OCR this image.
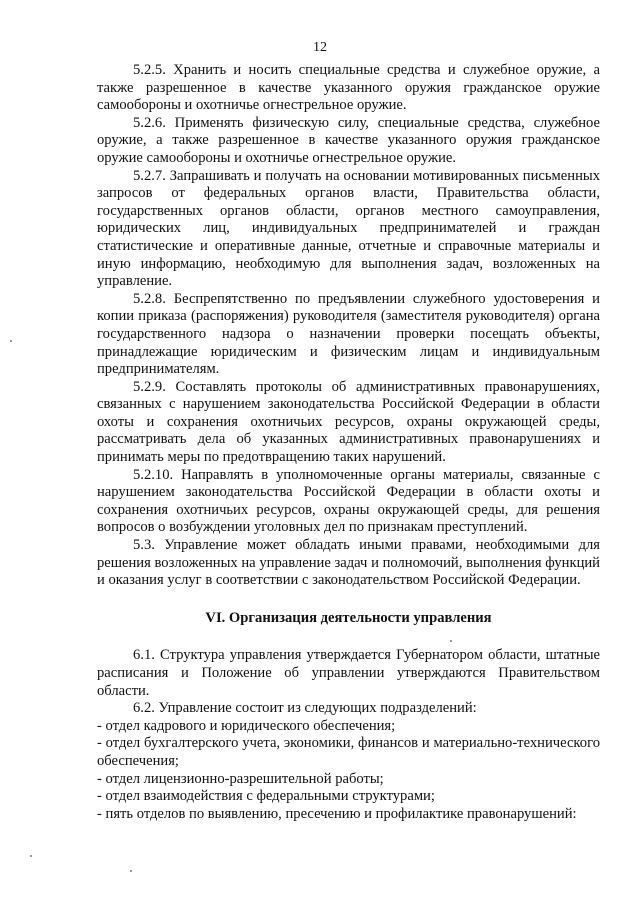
12

5.2.5. Хранить и носить специальные средства и служебное оружие, а также разрешенное в качестве указанного оружия гражданское оружие самообороны и охотничье огнестрельное оружие.

5.2.6. Применять физическую силу, специальные средства, служебное оружие, а также разрешенное в качестве указанного оружия гражданское оружие самообороны и охотничье огнестрельное оружие.

5.2.7. Запрашивать и получать на основании мотивированных письменных запросов от федеральных органов власти, Правительства области, государственных органов области, органов местного самоуправления, юридических лиц, индивидуальных предпринимателей и граждан статистические и оперативные данные, отчетные и справочные материалы и иную информацию, необходимую для выполнения задач, возложенных на управление.

5.2.8. Беспрепятственно по предъявлении служебного удостоверения и копии приказа (распоряжения) руководителя (заместителя руководителя) органа государственного надзора о назначении проверки посещать объекты, принадлежащие юридическим и физическим лицам и индивидуальным предпринимателям.

5.2.9. Составлять протоколы об административных правонарушениях, связанных с нарушением законодательства Российской Федерации в области охоты и сохранения охотничьих ресурсов, охраны окружающей среды, рассматривать дела об указанных административных правонарушениях и принимать меры по предотвращению таких нарушений.

5.2.10. Направлять в уполномоченные органы материалы, связанные с нарушением законодательства Российской Федерации в области охоты и сохранения охотничьих ресурсов, охраны окружающей среды, для решения вопросов о возбуждении уголовных дел по признакам преступлений.

5.3. Управление может обладать иными правами, необходимыми для решения возложенных на управление задач и полномочий, выполнения функций и оказания услуг в соответствии с законодательством Российской Федерации.

VI. Организация деятельности управления

6.1. Структура управления утверждается Губернатором области, штатные расписания и Положение об управлении утверждаются Правительством области.

6.2. Управление состоит из следующих подразделений:

- отдел кадрового и юридического обеспечения;

- отдел бухгалтерского учета, экономики, финансов и материально-технического обеспечения;

- отдел лицензионно-разрешительной работы;

- отдел взаимодействия с федеральными структурами;

- пять отделов по выявлению, пресечению и профилактике правонарушений:
